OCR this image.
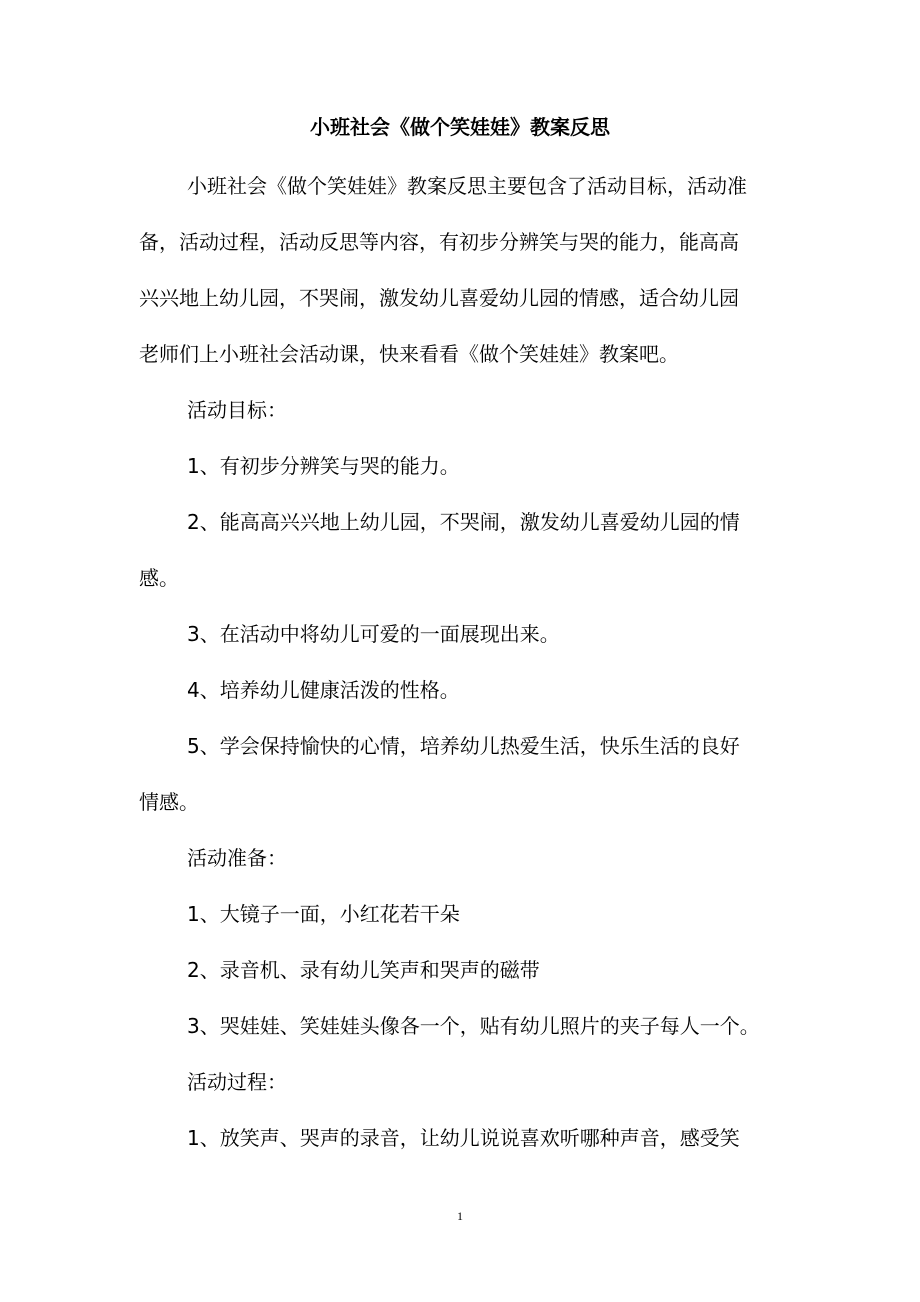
小班社会《做个笑娃娃》教案反思

小班社会《做个笑娃娃》教案反思主要包含了活动目标，活动准

备，活动过程，活动反思等内容，有初步分辨笑与哭的能力，能高高

兴兴地上幼儿园，不哭闹，激发幼儿喜爱幼儿园的情感，适合幼儿园

老师们上小班社会活动课，快来看看《做个笑娃娃》教案吧。

活动目标：

1、有初步分辨笑与哭的能力。

2、能高高兴兴地上幼儿园，不哭闹，激发幼儿喜爱幼儿园的情

感。

3、在活动中将幼儿可爱的一面展现出来。

4、培养幼儿健康活泼的性格。

5、学会保持愉快的心情，培养幼儿热爱生活，快乐生活的良好

情感。

活动准备：

1、大镜子一面，小红花若干朵

2、录音机、录有幼儿笑声和哭声的磁带

3、哭娃娃、笑娃娃头像各一个，贴有幼儿照片的夹子每人一个。

活动过程：

1、放笑声、哭声的录音，让幼儿说说喜欢听哪种声音，感受笑

1
